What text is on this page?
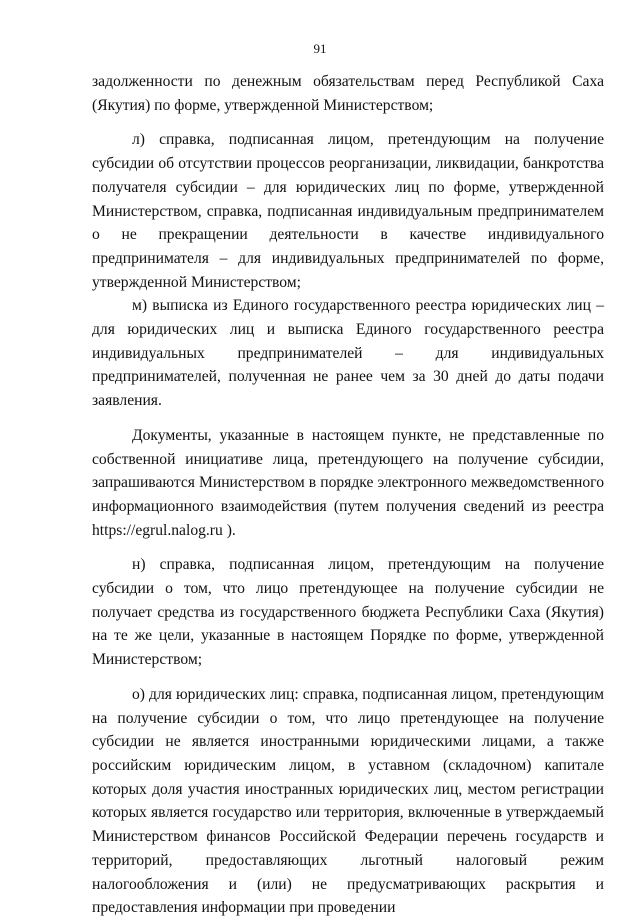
91

задолженности по денежным обязательствам перед Республикой Саха (Якутия) по форме, утвержденной Министерством;

л) справка, подписанная лицом, претендующим на получение субсидии об отсутствии процессов реорганизации, ликвидации, банкротства получателя субсидии – для юридических лиц по форме, утвержденной Министерством, справка, подписанная индивидуальным предпринимателем о не прекращении деятельности в качестве индивидуального предпринимателя – для индивидуальных предпринимателей по форме, утвержденной Министерством;

м) выписка из Единого государственного реестра юридических лиц – для юридических лиц и выписка Единого государственного реестра индивидуальных предпринимателей – для индивидуальных предпринимателей, полученная не ранее чем за 30 дней до даты подачи заявления.

Документы, указанные в настоящем пункте, не представленные по собственной инициативе лица, претендующего на получение субсидии, запрашиваются Министерством в порядке электронного межведомственного информационного взаимодействия (путем получения сведений из реестра https://egrul.nalog.ru ).

н) справка, подписанная лицом, претендующим на получение субсидии о том, что лицо претендующее на получение субсидии не получает средства из государственного бюджета Республики Саха (Якутия) на те же цели, указанные в настоящем Порядке по форме, утвержденной Министерством;

о) для юридических лиц: справка, подписанная лицом, претендующим на получение субсидии о том, что лицо претендующее на получение субсидии не является иностранными юридическими лицами, а также российским юридическим лицом, в уставном (складочном) капитале которых доля участия иностранных юридических лиц, местом регистрации которых является государство или территория, включенные в утверждаемый Министерством финансов Российской Федерации перечень государств и территорий, предоставляющих льготный налоговый режим налогообложения и (или) не предусматривающих раскрытия и предоставления информации при проведении
